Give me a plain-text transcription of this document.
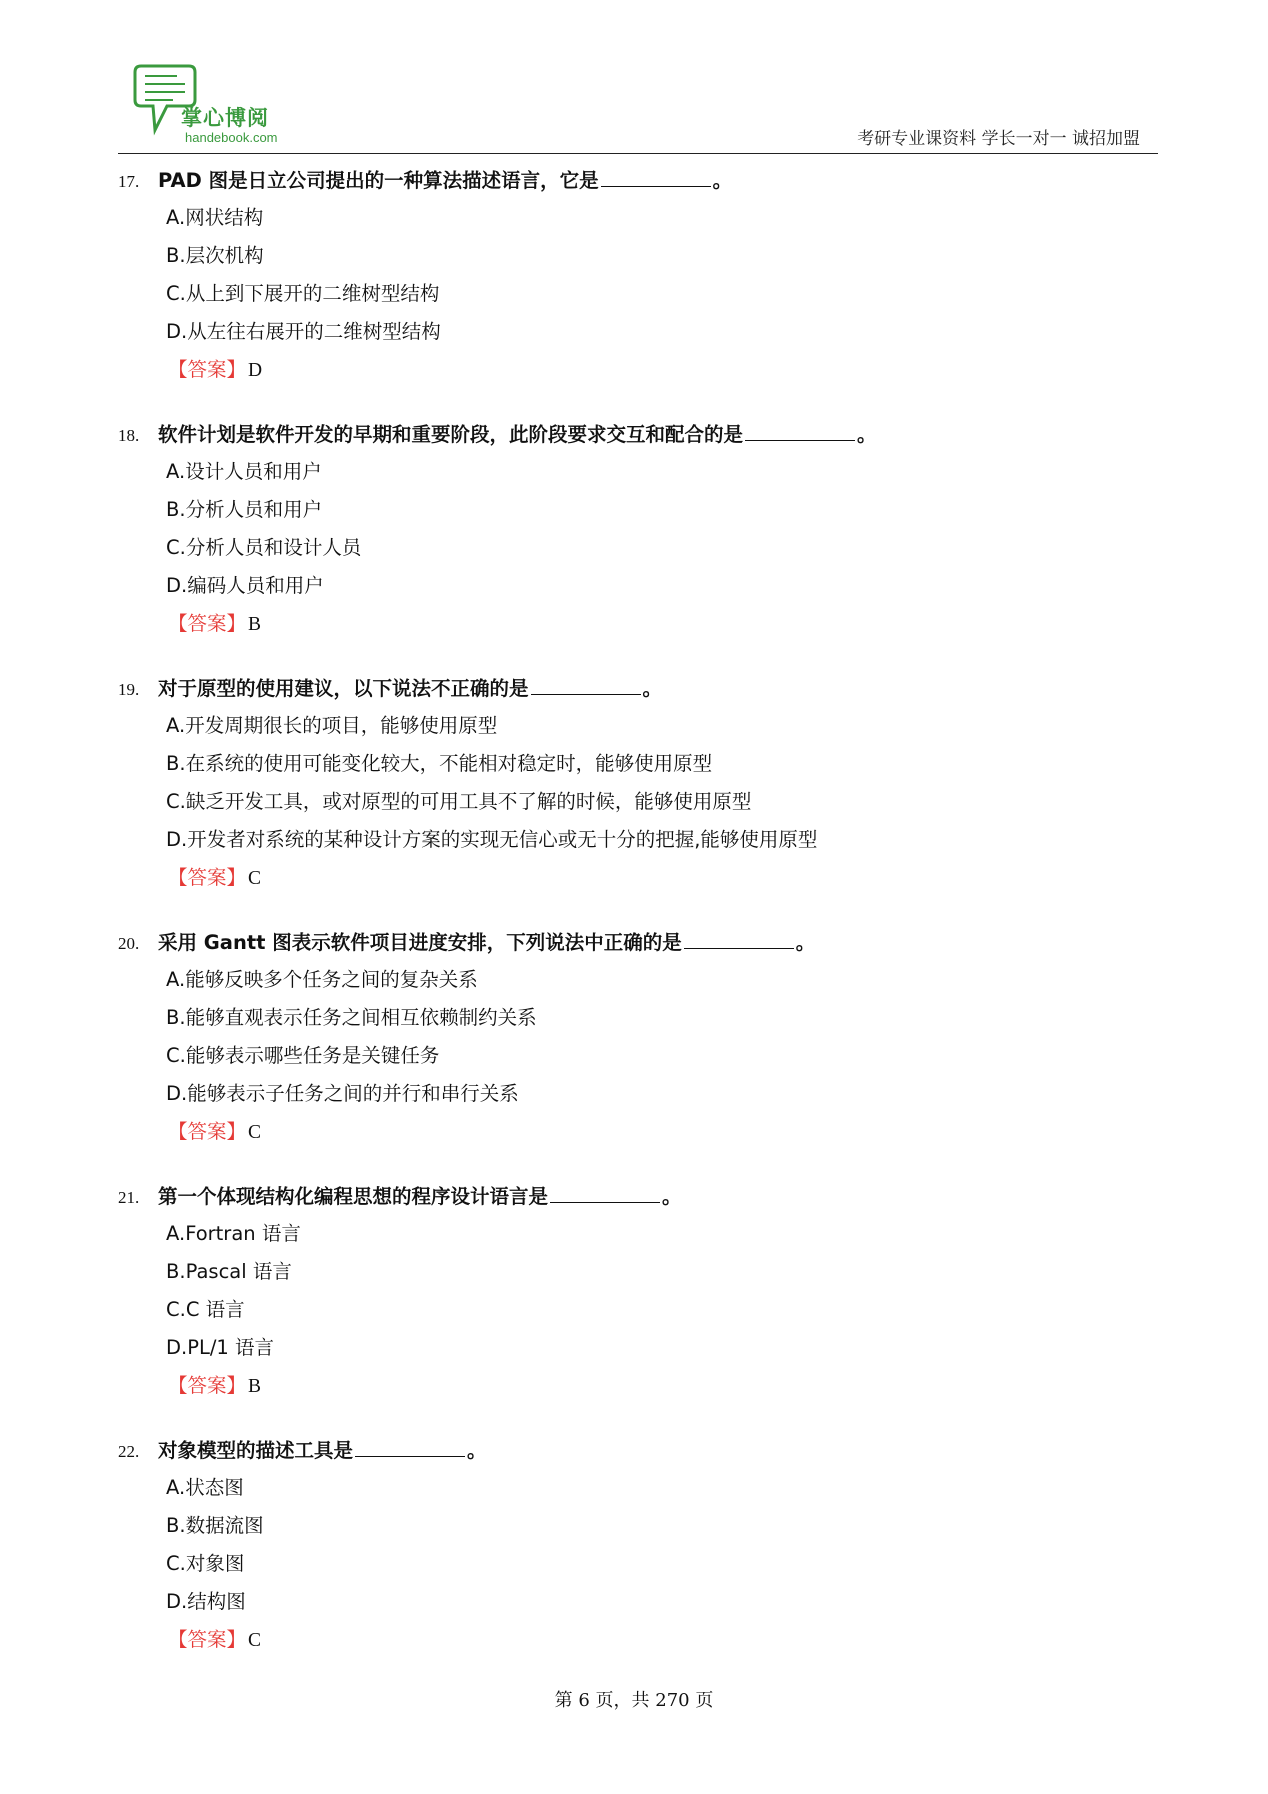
掌心博阅
handebook.com	考研专业课资料 学长一对一 诚招加盟
17. PAD 图是日立公司提出的一种算法描述语言，它是	。
A.网状结构
B.层次机构
C.从上到下展开的二维树型结构
D.从左往右展开的二维树型结构
【答案】 D
18. 软件计划是软件开发的早期和重要阶段，此阶段要求交互和配合的是	。
A.设计人员和用户
B.分析人员和用户
C.分析人员和设计人员
D.编码人员和用户
【答案】 B
19. 对于原型的使用建议，以下说法不正确的是	。
A.开发周期很长的项目，能够使用原型
B.在系统的使用可能变化较大，不能相对稳定时，能够使用原型
C.缺乏开发工具，或对原型的可用工具不了解的时候，能够使用原型
D.开发者对系统的某种设计方案的实现无信心或无十分的把握,能够使用原型
【答案】 C
20. 采用 Gantt 图表示软件项目进度安排，下列说法中正确的是	。
A.能够反映多个任务之间的复杂关系
B.能够直观表示任务之间相互依赖制约关系
C.能够表示哪些任务是关键任务
D.能够表示子任务之间的并行和串行关系
【答案】 C
21. 第一个体现结构化编程思想的程序设计语言是	。
A.Fortran 语言
B.Pascal 语言
C.C 语言
D.PL/1 语言
【答案】 B
22. 对象模型的描述工具是	。
A.状态图
B.数据流图
C.对象图
D.结构图
【答案】 C
第 6 页，共 270 页
